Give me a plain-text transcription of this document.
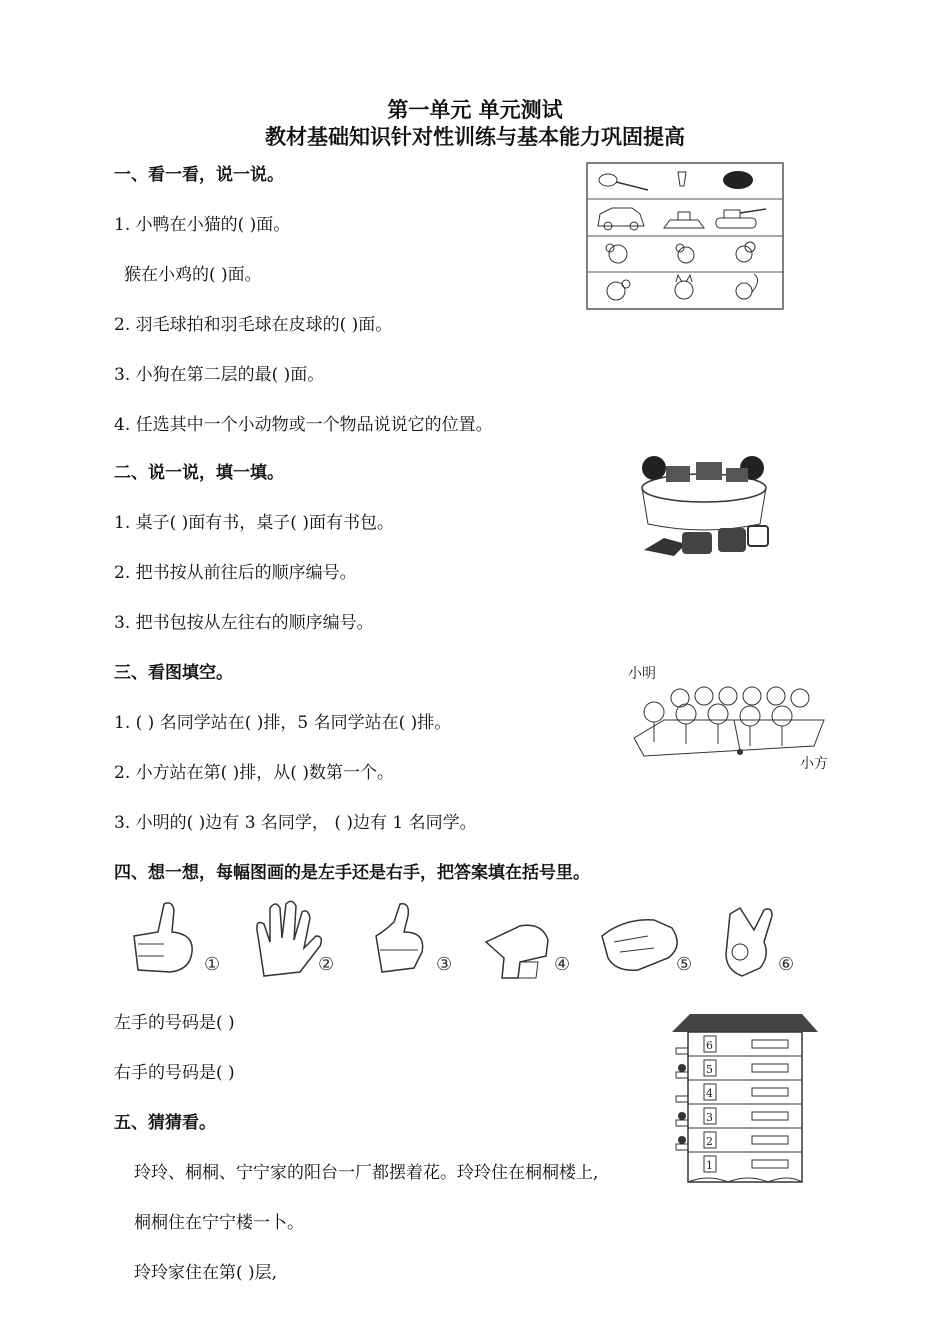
第一单元 单元测试
教材基础知识针对性训练与基本能力巩固提高
一、看一看，说一说。
1. 小鸭在小猫的( )面。
猴在小鸡的( )面。
2. 羽毛球拍和羽毛球在皮球的( )面。
3. 小狗在第二层的最( )面。
4. 任选其中一个小动物或一个物品说说它的位置。
二、说一说，填一填。
1. 桌子( )面有书，桌子( )面有书包。
2. 把书按从前往后的顺序编号。
3. 把书包按从左往右的顺序编号。
三、看图填空。
1. ( ) 名同学站在( )排，5 名同学站在( )排。
2. 小方站在第( )排，从( )数第一个。
3. 小明的( )边有 3 名同学， ( )边有 1 名同学。
小明
小方
四、想一想，每幅图画的是左手还是右手，把答案填在括号里。
①	②	③	④	⑤	⑥
左手的号码是( )
右手的号码是( )
五、猜猜看。
玲玲、桐桐、宁宁家的阳台一厂都摆着花。玲玲住在桐桐楼上,
桐桐住在宁宁楼一卜。
玲玲家住在第( )层,
6
5
4
3
2
1
